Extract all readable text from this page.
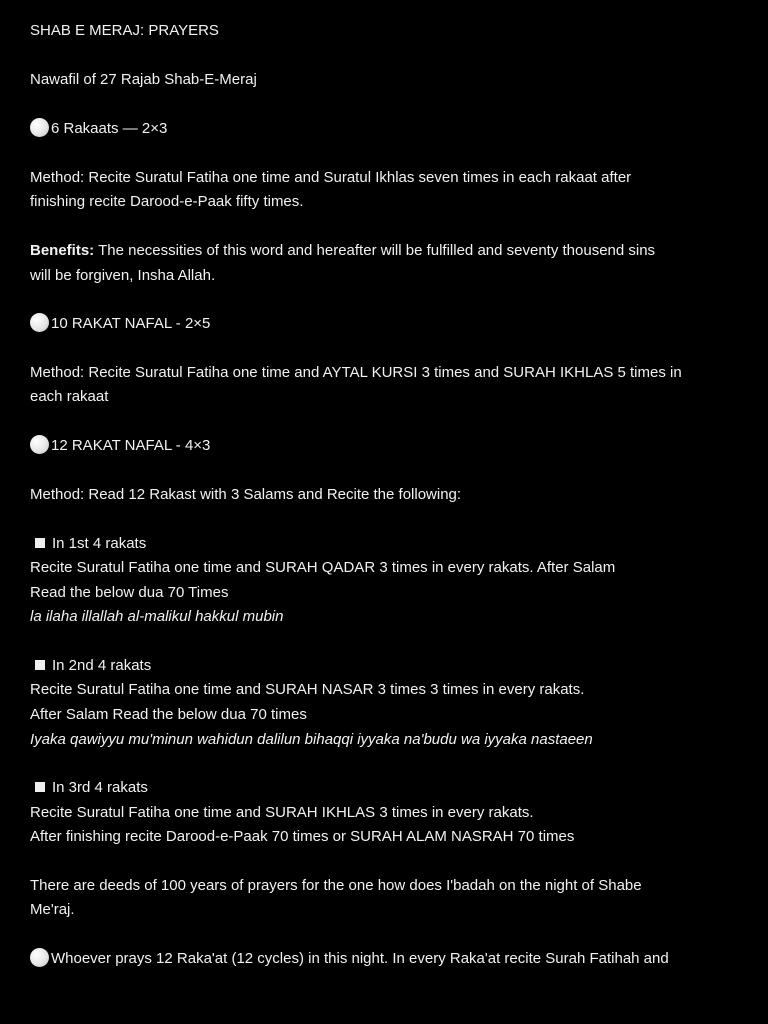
SHAB E MERAJ: PRAYERS
Nawafil of 27 Rajab Shab-E-Meraj
6 Rakaats — 2×3
Method: Recite Suratul Fatiha one time and Suratul Ikhlas seven times in each rakaat after
finishing recite Darood-e-Paak fifty times.
Benefits: The necessities of this word and hereafter will be fulfilled and seventy thousend sins
will be forgiven, Insha Allah.
10 RAKAT NAFAL - 2×5
Method: Recite Suratul Fatiha one time and AYTAL KURSI 3 times and SURAH IKHLAS 5 times in
each rakaat
12 RAKAT NAFAL - 4×3
Method: Read 12 Rakast with 3 Salams and Recite the following:
In 1st 4 rakats
Recite Suratul Fatiha one time and SURAH QADAR 3 times in every rakats. After Salam
Read the below dua 70 Times
la ilaha illallah al-malikul hakkul mubin
In 2nd 4 rakats
Recite Suratul Fatiha one time and SURAH NASAR 3 times 3 times in every rakats.
After Salam Read the below dua 70 times
Iyaka qawiyyu mu'minun wahidun dalilun bihaqqi iyyaka na'budu wa iyyaka nastaeen
In 3rd 4 rakats
Recite Suratul Fatiha one time and SURAH IKHLAS 3 times in every rakats.
After finishing recite Darood-e-Paak 70 times or SURAH ALAM NASRAH 70 times
There are deeds of 100 years of prayers for the one how does I'badah on the night of Shabe
Me'raj.
Whoever prays 12 Raka'at (12 cycles) in this night. In every Raka'at recite Surah Fatihah and
